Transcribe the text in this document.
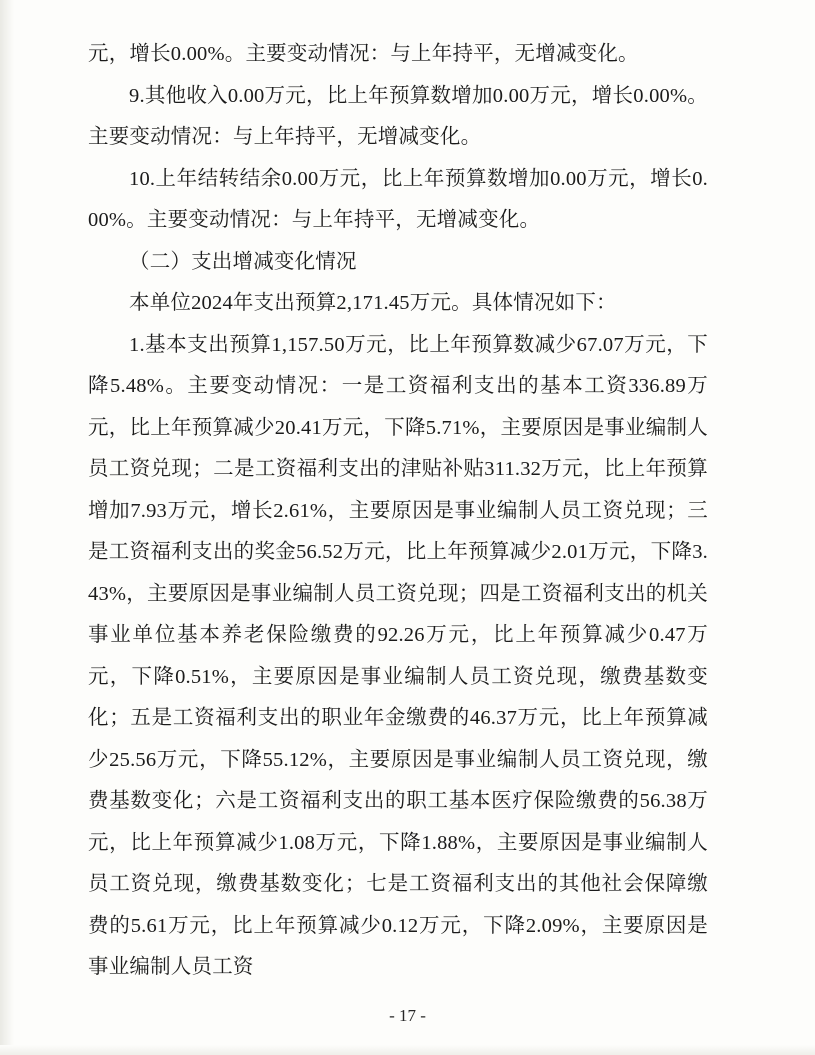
元，增长0.00%。主要变动情况：与上年持平，无增减变化。

9.其他收入0.00万元，比上年预算数增加0.00万元，增长0.00%。主要变动情况：与上年持平，无增减变化。

10.上年结转结余0.00万元，比上年预算数增加0.00万元，增长0.00%。主要变动情况：与上年持平，无增减变化。

（二）支出增减变化情况

本单位2024年支出预算2,171.45万元。具体情况如下：

1.基本支出预算1,157.50万元，比上年预算数减少67.07万元，下降5.48%。主要变动情况：一是工资福利支出的基本工资336.89万元，比上年预算减少20.41万元，下降5.71%，主要原因是事业编制人员工资兑现；二是工资福利支出的津贴补贴311.32万元，比上年预算增加7.93万元，增长2.61%，主要原因是事业编制人员工资兑现；三是工资福利支出的奖金56.52万元，比上年预算减少2.01万元，下降3.43%，主要原因是事业编制人员工资兑现；四是工资福利支出的机关事业单位基本养老保险缴费的92.26万元，比上年预算减少0.47万元，下降0.51%，主要原因是事业编制人员工资兑现，缴费基数变化；五是工资福利支出的职业年金缴费的46.37万元，比上年预算减少25.56万元，下降55.12%，主要原因是事业编制人员工资兑现，缴费基数变化；六是工资福利支出的职工基本医疗保险缴费的56.38万元，比上年预算减少1.08万元，下降1.88%，主要原因是事业编制人员工资兑现，缴费基数变化；七是工资福利支出的其他社会保障缴费的5.61万元，比上年预算减少0.12万元，下降2.09%，主要原因是事业编制人员工资

- 17 -
